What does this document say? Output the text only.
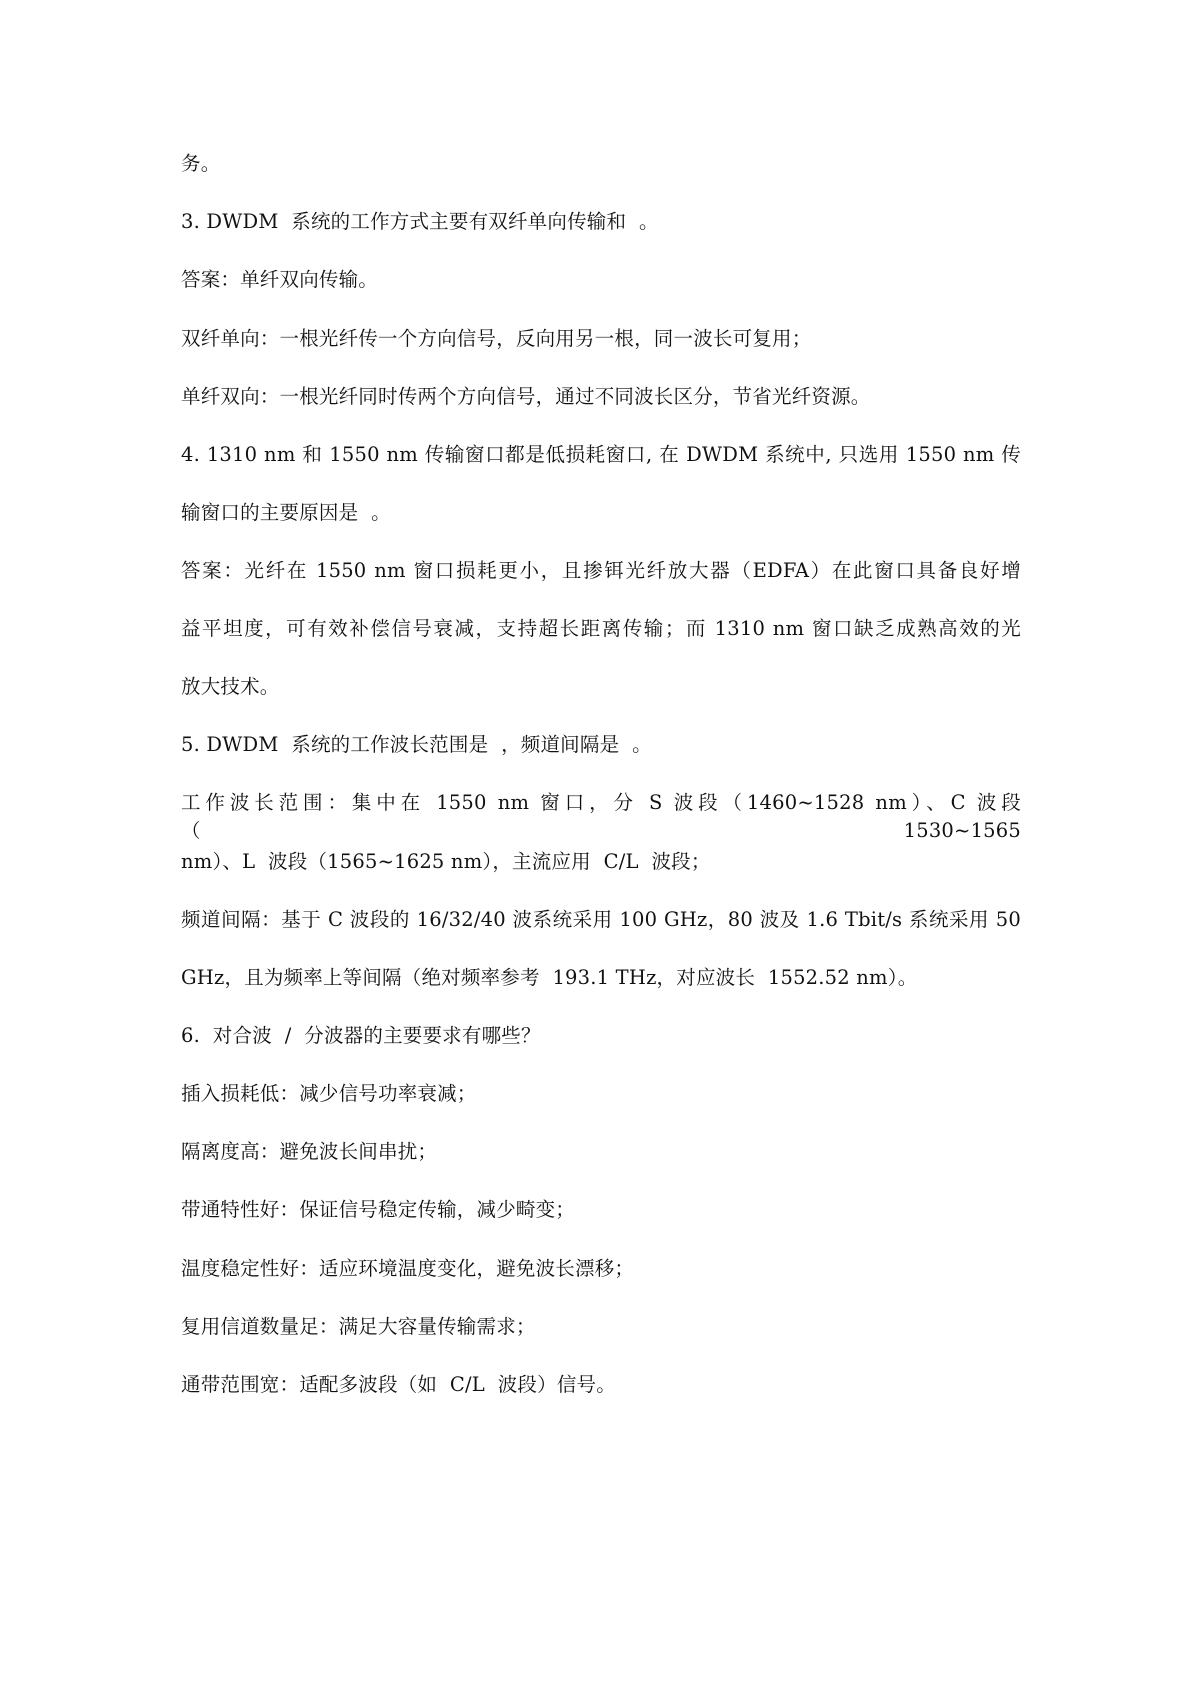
务。
3. DWDM  系统的工作方式主要有双纤单向传输和  。
答案：单纤双向传输。
双纤单向：一根光纤传一个方向信号，反向用另一根，同一波长可复用；
单纤双向：一根光纤同时传两个方向信号，通过不同波长区分，节省光纤资源。
4. 1310 nm 和 1550 nm 传输窗口都是低损耗窗口, 在 DWDM 系统中, 只选用 1550 nm 传
输窗口的主要原因是  。
答案：光纤在 1550 nm 窗口损耗更小，且掺铒光纤放大器（EDFA）在此窗口具备良好增
益平坦度，可有效补偿信号衰减，支持超长距离传输；而 1310 nm 窗口缺乏成熟高效的光
放大技术。
5. DWDM  系统的工作波长范围是  ，频道间隔是  。
工作波长范围：集中在 1550 nm 窗口，分 S 波段（1460~1528 nm）、C 波段（1530~1565
nm）、L  波段（1565~1625 nm），主流应用  C/L  波段；
频道间隔：基于 C 波段的 16/32/40 波系统采用 100 GHz，80 波及 1.6 Tbit/s 系统采用 50
GHz，且为频率上等间隔（绝对频率参考  193.1 THz，对应波长  1552.52 nm）。
6.  对合波  /  分波器的主要要求有哪些？
插入损耗低：减少信号功率衰减；
隔离度高：避免波长间串扰；
带通特性好：保证信号稳定传输，减少畸变；
温度稳定性好：适应环境温度变化，避免波长漂移；
复用信道数量足：满足大容量传输需求；
通带范围宽：适配多波段（如  C/L  波段）信号。
